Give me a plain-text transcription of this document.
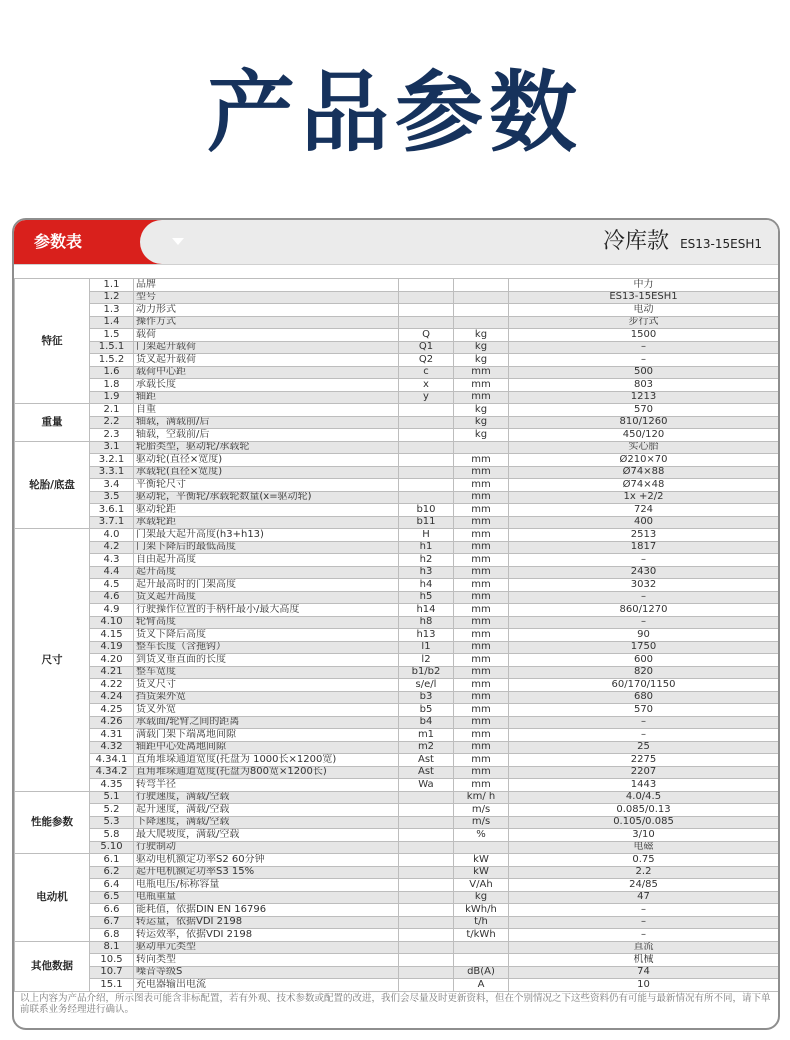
产品参数
参数表	冷库款 ES13-15ESH1
特征	1.1	品牌			中力
	1.2	型号			ES13-15ESH1
	1.3	动力形式			电动
	1.4	操作方式			步行式
	1.5	载荷	Q	kg	1500
	1.5.1	门架起升载荷	Q1	kg	–
	1.5.2	货叉起升载荷	Q2	kg	–
	1.6	载荷中心距	c	mm	500
	1.8	承载长度	x	mm	803
	1.9	轴距	y	mm	1213
重量	2.1	自重		kg	570
	2.2	轴载，满载前/后		kg	810/1260
	2.3	轴载，空载前/后		kg	450/120
轮胎/底盘	3.1	轮胎类型，驱动轮/承载轮			实心胎
	3.2.1	驱动轮(直径×宽度)		mm	Ø210×70
	3.3.1	承载轮(直径×宽度)		mm	Ø74×88
	3.4	平衡轮尺寸		mm	Ø74×48
	3.5	驱动轮，平衡轮/承载轮数量(x=驱动轮)		mm	1x +2/2
	3.6.1	驱动轮距	b10	mm	724
	3.7.1	承载轮距	b11	mm	400
尺寸	4.0	门架最大起升高度(h3+h13)	H	mm	2513
	4.2	门架下降后的最低高度	h1	mm	1817
	4.3	自由起升高度	h2	mm	–
	4.4	起升高度	h3	mm	2430
	4.5	起升最高时的门架高度	h4	mm	3032
	4.6	货叉起升高度	h5	mm	–
	4.9	行驶操作位置的手柄杆最小/最大高度	h14	mm	860/1270
	4.10	轮臂高度	h8	mm	–
	4.15	货叉下降后高度	h13	mm	90
	4.19	整车长度（含拖钩）	l1	mm	1750
	4.20	到货叉垂直面的长度	l2	mm	600
	4.21	整车宽度	b1/b2	mm	820
	4.22	货叉尺寸	s/e/l	mm	60/170/1150
	4.24	挡货架外宽	b3	mm	680
	4.25	货叉外宽	b5	mm	570
	4.26	承载面/轮臂之间的距离	b4	mm	–
	4.31	满载门架下端离地间隙	m1	mm	–
	4.32	轴距中心处离地间隙	m2	mm	25
	4.34.1	直角堆垛通道宽度(托盘为 1000长×1200宽)	Ast	mm	2275
	4.34.2	直角堆垛通道宽度(托盘为800宽×1200长)	Ast	mm	2207
	4.35	转弯半径	Wa	mm	1443
性能参数	5.1	行驶速度，满载/空载		km/ h	4.0/4.5
	5.2	起升速度，满载/空载		m/s	0.085/0.13
	5.3	下降速度，满载/空载		m/s	0.105/0.085
	5.8	最大爬坡度，满载/空载		%	3/10
	5.10	行驶制动			电磁
电动机	6.1	驱动电机额定功率S2 60分钟		kW	0.75
	6.2	起升电机额定功率S3 15%		kW	2.2
	6.4	电瓶电压/标称容量		V/Ah	24/85
	6.5	电瓶重量		kg	47
	6.6	能耗值，依据DIN EN 16796		kWh/h	–
	6.7	转运量，依据VDI 2198		t/h	–
	6.8	转运效率，依据VDI 2198		t/kWh	–
其他数据	8.1	驱动单元类型			直流
	10.5	转向类型			机械
	10.7	噪音等级S		dB(A)	74
	15.1	充电器输出电流		A	10
以上内容为产品介绍，所示图表可能含非标配置，若有外观、技术参数或配置的改进，我们会尽量及时更新资料，但在个别情况之下这些资料仍有可能与最新情况有所不同，请下单前联系业务经理进行确认。
